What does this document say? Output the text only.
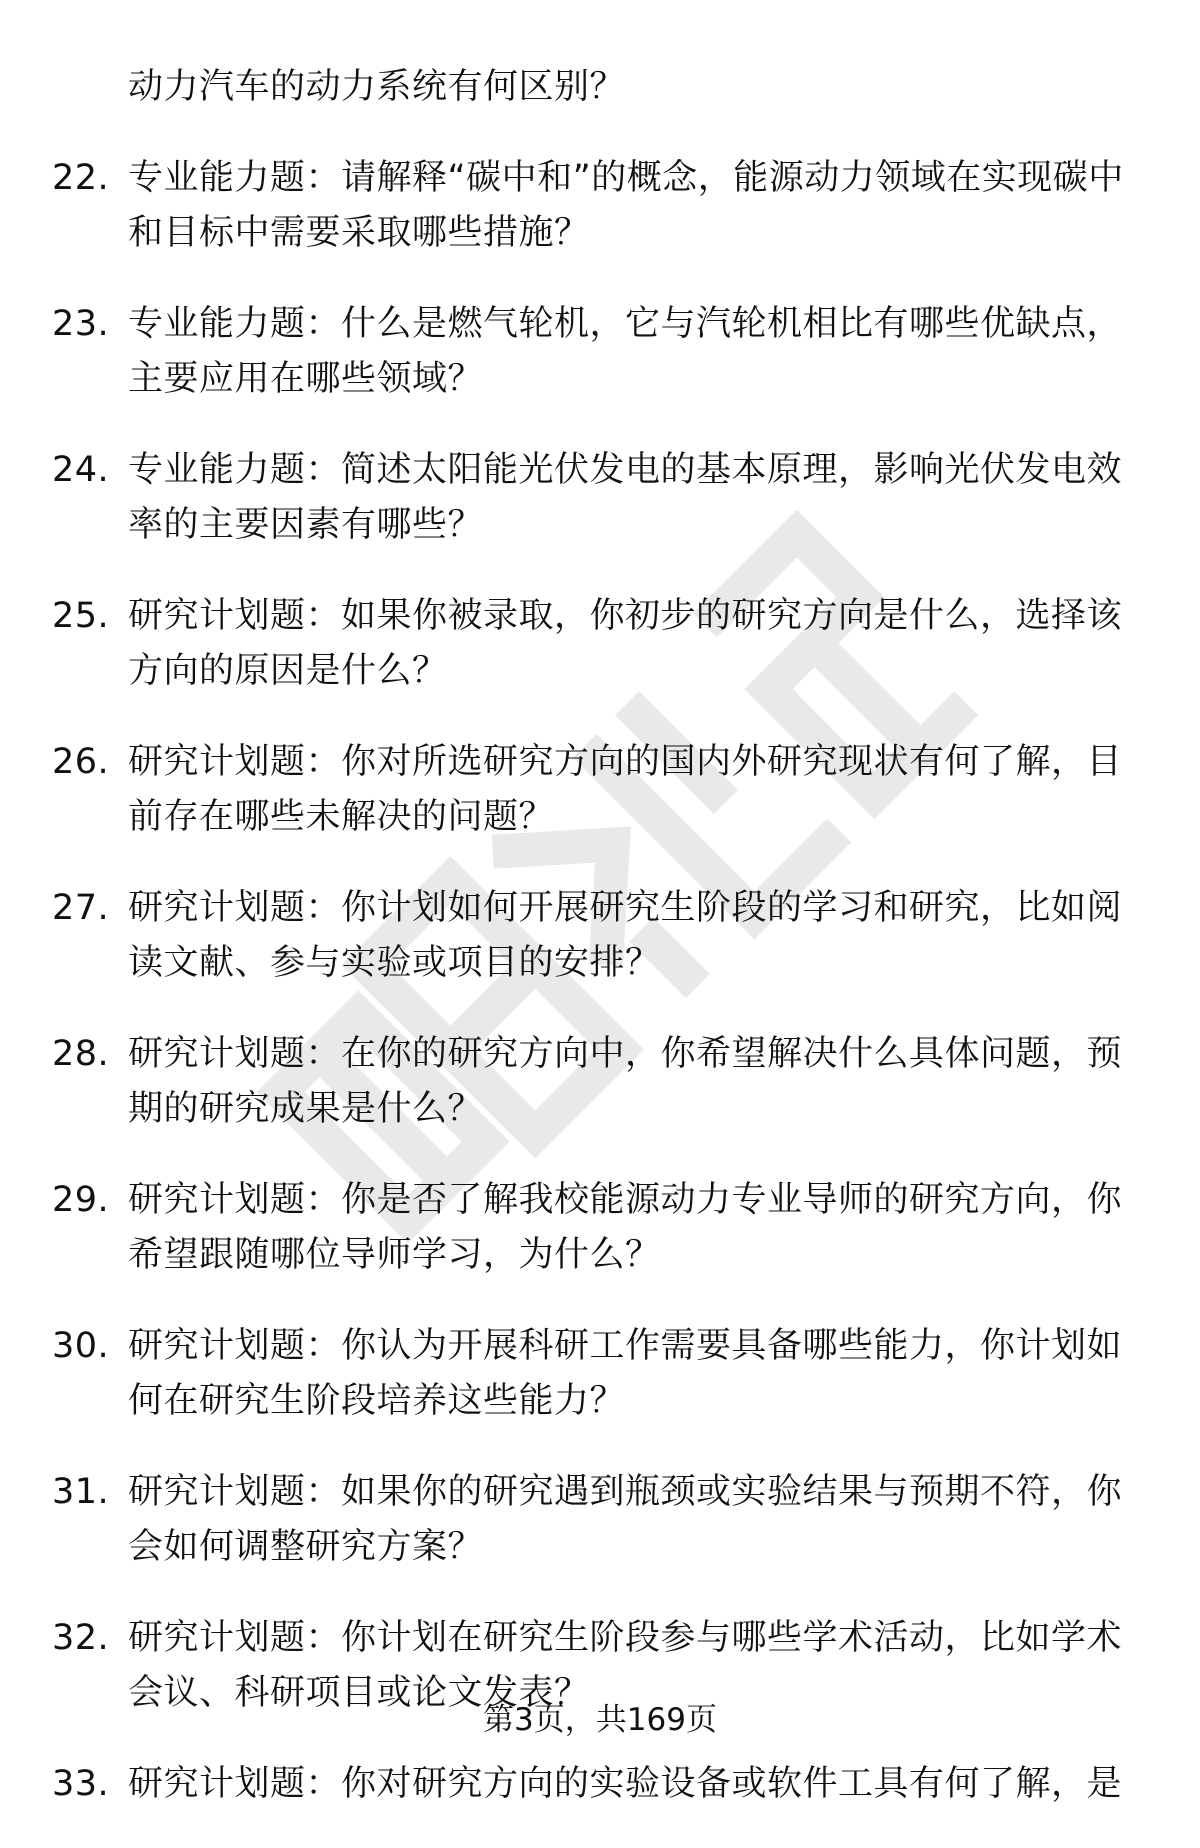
动力汽车的动力系统有何区别？
22. 专业能力题：请解释“碳中和”的概念，能源动力领域在实现碳中和目标中需要采取哪些措施？
23. 专业能力题：什么是燃气轮机，它与汽轮机相比有哪些优缺点，主要应用在哪些领域？
24. 专业能力题：简述太阳能光伏发电的基本原理，影响光伏发电效率的主要因素有哪些？
25. 研究计划题：如果你被录取，你初步的研究方向是什么，选择该方向的原因是什么？
26. 研究计划题：你对所选研究方向的国内外研究现状有何了解，目前存在哪些未解决的问题？
27. 研究计划题：你计划如何开展研究生阶段的学习和研究，比如阅读文献、参与实验或项目的安排？
28. 研究计划题：在你的研究方向中，你希望解决什么具体问题，预期的研究成果是什么？
29. 研究计划题：你是否了解我校能源动力专业导师的研究方向，你希望跟随哪位导师学习，为什么？
30. 研究计划题：你认为开展科研工作需要具备哪些能力，你计划如何在研究生阶段培养这些能力？
31. 研究计划题：如果你的研究遇到瓶颈或实验结果与预期不符，你会如何调整研究方案？
32. 研究计划题：你计划在研究生阶段参与哪些学术活动，比如学术会议、科研项目或论文发表？
33. 研究计划题：你对研究方向的实验设备或软件工具有何了解，是
第3页，共169页
